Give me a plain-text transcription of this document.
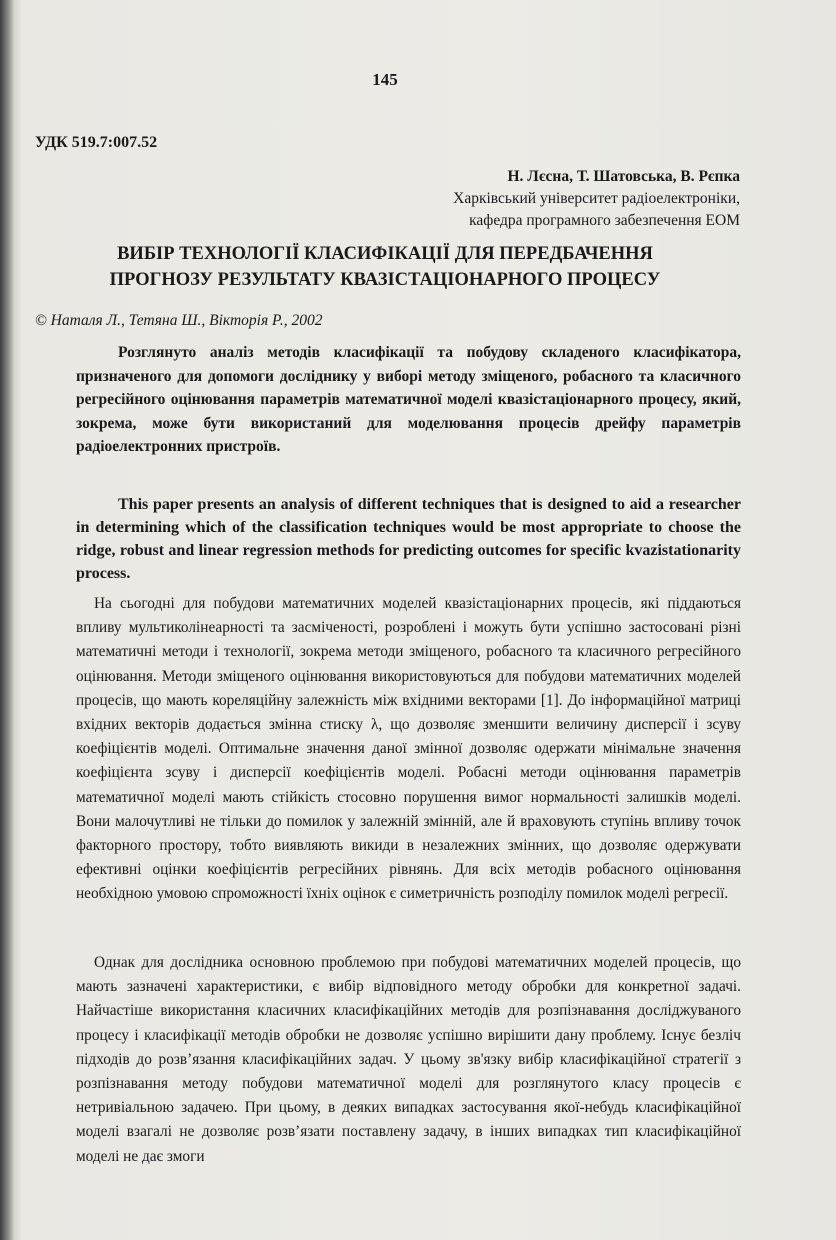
145
УДК 519.7:007.52
Н. Лєсна, Т. Шатовська, В. Рєпка
Харківський університет радіоелектроніки,
кафедра програмного забезпечення ЕОМ
ВИБІР ТЕХНОЛОГІЇ КЛАСИФІКАЦІЇ ДЛЯ ПЕРЕДБАЧЕННЯ
ПРОГНОЗУ РЕЗУЛЬТАТУ КВАЗІСТАЦІОНАРНОГО ПРОЦЕСУ
© Наталя Л., Тетяна Ш., Вікторія Р., 2002

Розглянуто аналіз методів класифікації та побудову складеного класифікатора, призначеного для допомоги досліднику у виборі методу зміщеного, робасного та класичного регресійного оцінювання параметрів математичної моделі квазістаціонарного процесу, який, зокрема, може бути використаний для моделювання процесів дрейфу параметрів радіоелектронних пристроїв.

This paper presents an analysis of different techniques that is designed to aid a researcher in determining which of the classification techniques would be most appropriate to choose the ridge, robust and linear regression methods for predicting outcomes for specific kvazistationarity process.

На сьогодні для побудови математичних моделей квазістаціонарних процесів, які піддаються впливу мультиколінеарності та засміченості, розроблені і можуть бути успішно застосовані різні математичні методи і технології, зокрема методи зміщеного, робасного та класичного регресійного оцінювання. Методи зміщеного оцінювання використовуються для побудови математичних моделей процесів, що мають кореляційну залежність між вхідними векторами [1]. До інформаційної матриці вхідних векторів додається змінна стиску λ, що дозволяє зменшити величину дисперсії і зсуву коефіцієнтів моделі. Оптимальне значення даної змінної дозволяє одержати мінімальне значення коефіцієнта зсуву і дисперсії коефіцієнтів моделі. Робасні методи оцінювання параметрів математичної моделі мають стійкість стосовно порушення вимог нормальності залишків моделі. Вони малочутливі не тільки до помилок у залежній змінній, але й враховують ступінь впливу точок факторного простору, тобто виявляють викиди в незалежних змінних, що дозволяє одержувати ефективні оцінки коефіцієнтів регресійних рівнянь. Для всіх методів робасного оцінювання необхідною умовою спроможності їхніх оцінок є симетричність розподілу помилок моделі регресії.

Однак для дослідника основною проблемою при побудові математичних моделей процесів, що мають зазначені характеристики, є вибір відповідного методу обробки для конкретної задачі. Найчастіше використання класичних класифікаційних методів для розпізнавання досліджуваного процесу і класифікації методів обробки не дозволяє успішно вирішити дану проблему. Існує безліч підходів до розв’язання класифікаційних задач. У цьому зв'язку вибір класифікаційної стратегії з розпізнавання методу побудови математичної моделі для розглянутого класу процесів є нетривіальною задачею. При цьому, в деяких випадках застосування якої-небудь класифікаційної моделі взагалі не дозволяє розв’язати поставлену задачу, в інших випадках тип класифікаційної моделі не дає змоги
